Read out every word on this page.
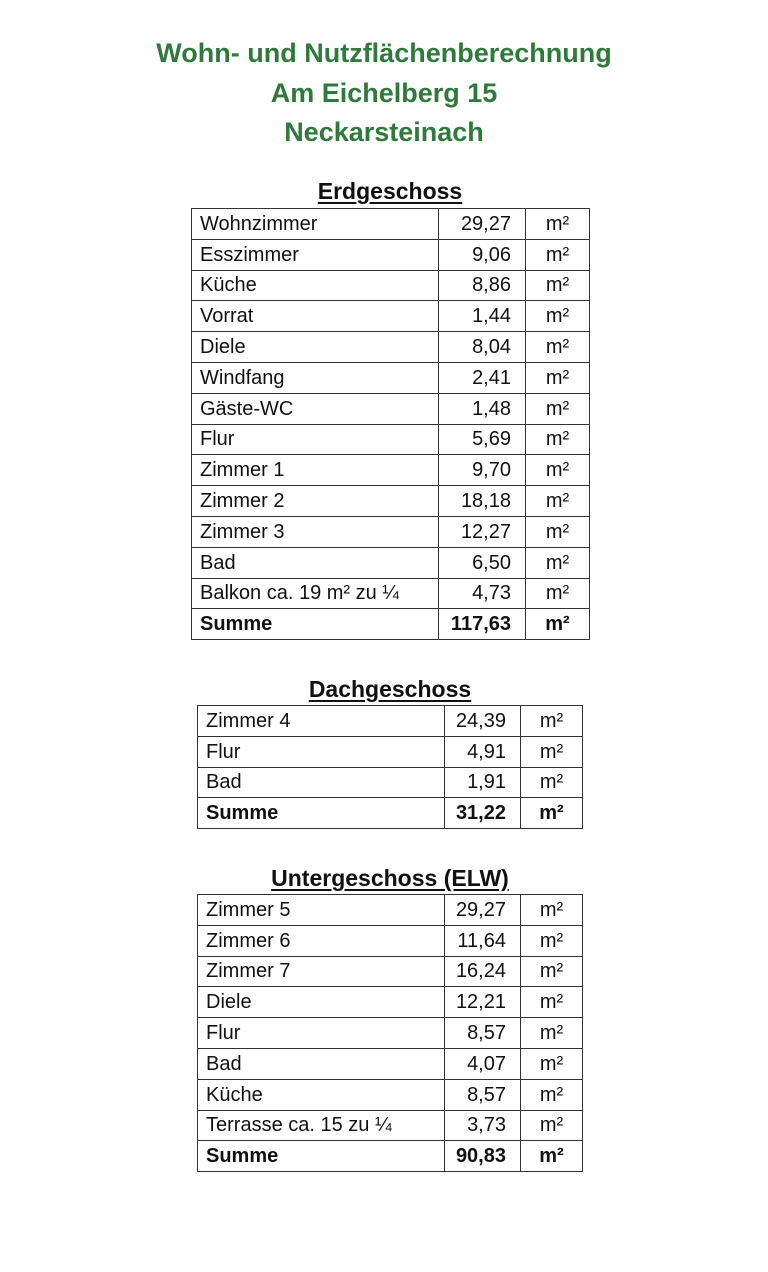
Wohn- und Nutzflächenberechnung
Am Eichelberg 15
Neckarsteinach
Erdgeschoss
Wohnzimmer	29,27	m²
Esszimmer	9,06	m²
Küche	8,86	m²
Vorrat	1,44	m²
Diele	8,04	m²
Windfang	2,41	m²
Gäste-WC	1,48	m²
Flur	5,69	m²
Zimmer 1	9,70	m²
Zimmer 2	18,18	m²
Zimmer 3	12,27	m²
Bad	6,50	m²
Balkon ca. 19 m² zu ¼	4,73	m²
Summe	117,63	m²
Dachgeschoss
Zimmer 4	24,39	m²
Flur	4,91	m²
Bad	1,91	m²
Summe	31,22	m²
Untergeschoss (ELW)
Zimmer 5	29,27	m²
Zimmer 6	11,64	m²
Zimmer 7	16,24	m²
Diele	12,21	m²
Flur	8,57	m²
Bad	4,07	m²
Küche	8,57	m²
Terrasse ca. 15 zu ¼	3,73	m²
Summe	90,83	m²
